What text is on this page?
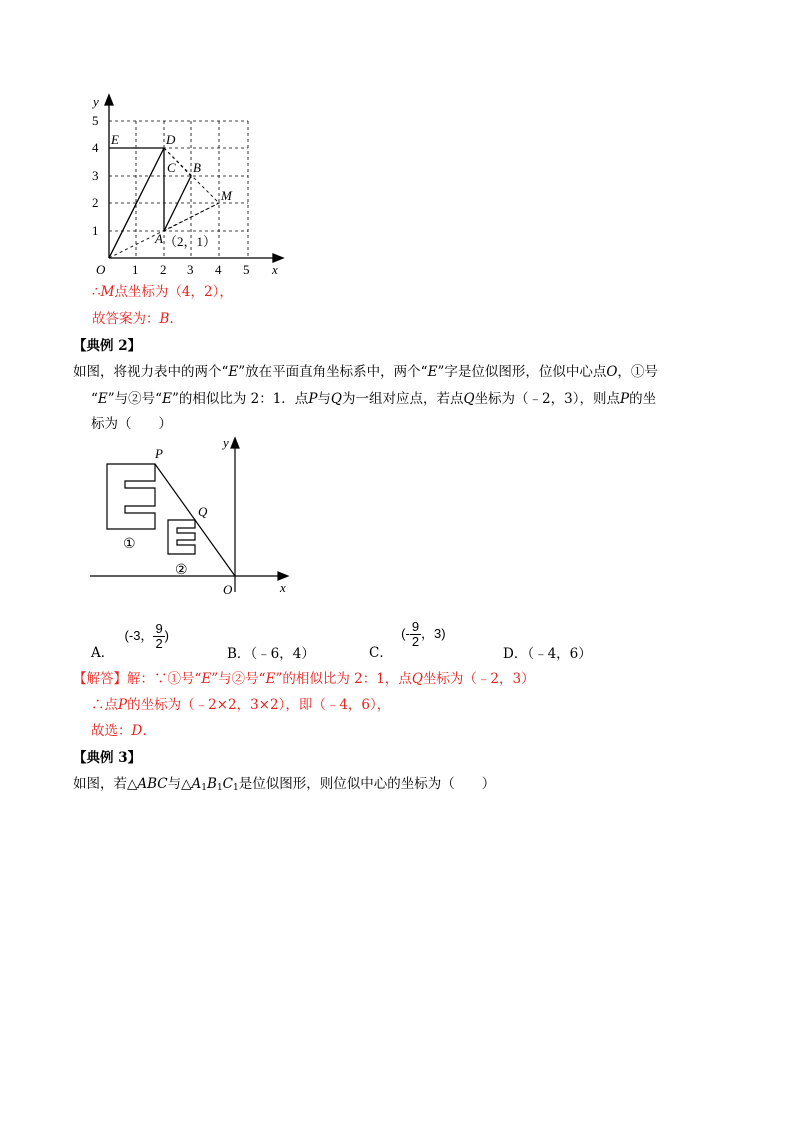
5
4
3
2
1
1 2 3 4 5
y
x
O
E	D
C B
M
A （2，1）
∴M点坐标为（4，2），
故答案为：B.
【典例 2】
如图，将视力表中的两个“E”放在平面直角坐标系中，两个“E”字是位似图形，位似中心点O，①号
“E”与②号“E”的相似比为 2：1．点P与Q为一组对应点，若点Q坐标为（﹣2，3），则点P的坐
标为（　　）
O	x
y
P
Q
①
②
A． (-3， $\frac{9}{2}$ )
B．（﹣6，4）	C． (- $\frac{9}{2}$ ，3)
D．（﹣4，6）
【解答】解：∵①号“E”与②号“E”的相似比为 2：1，点Q坐标为（﹣2，3）
∴点P的坐标为（﹣2×2，3×2），即（﹣4，6），
故选：D.
【典例 3】
如图，若△ABC与$\triangle A_1B_1C_1$是位似图形，则位似中心的坐标为（　　）
